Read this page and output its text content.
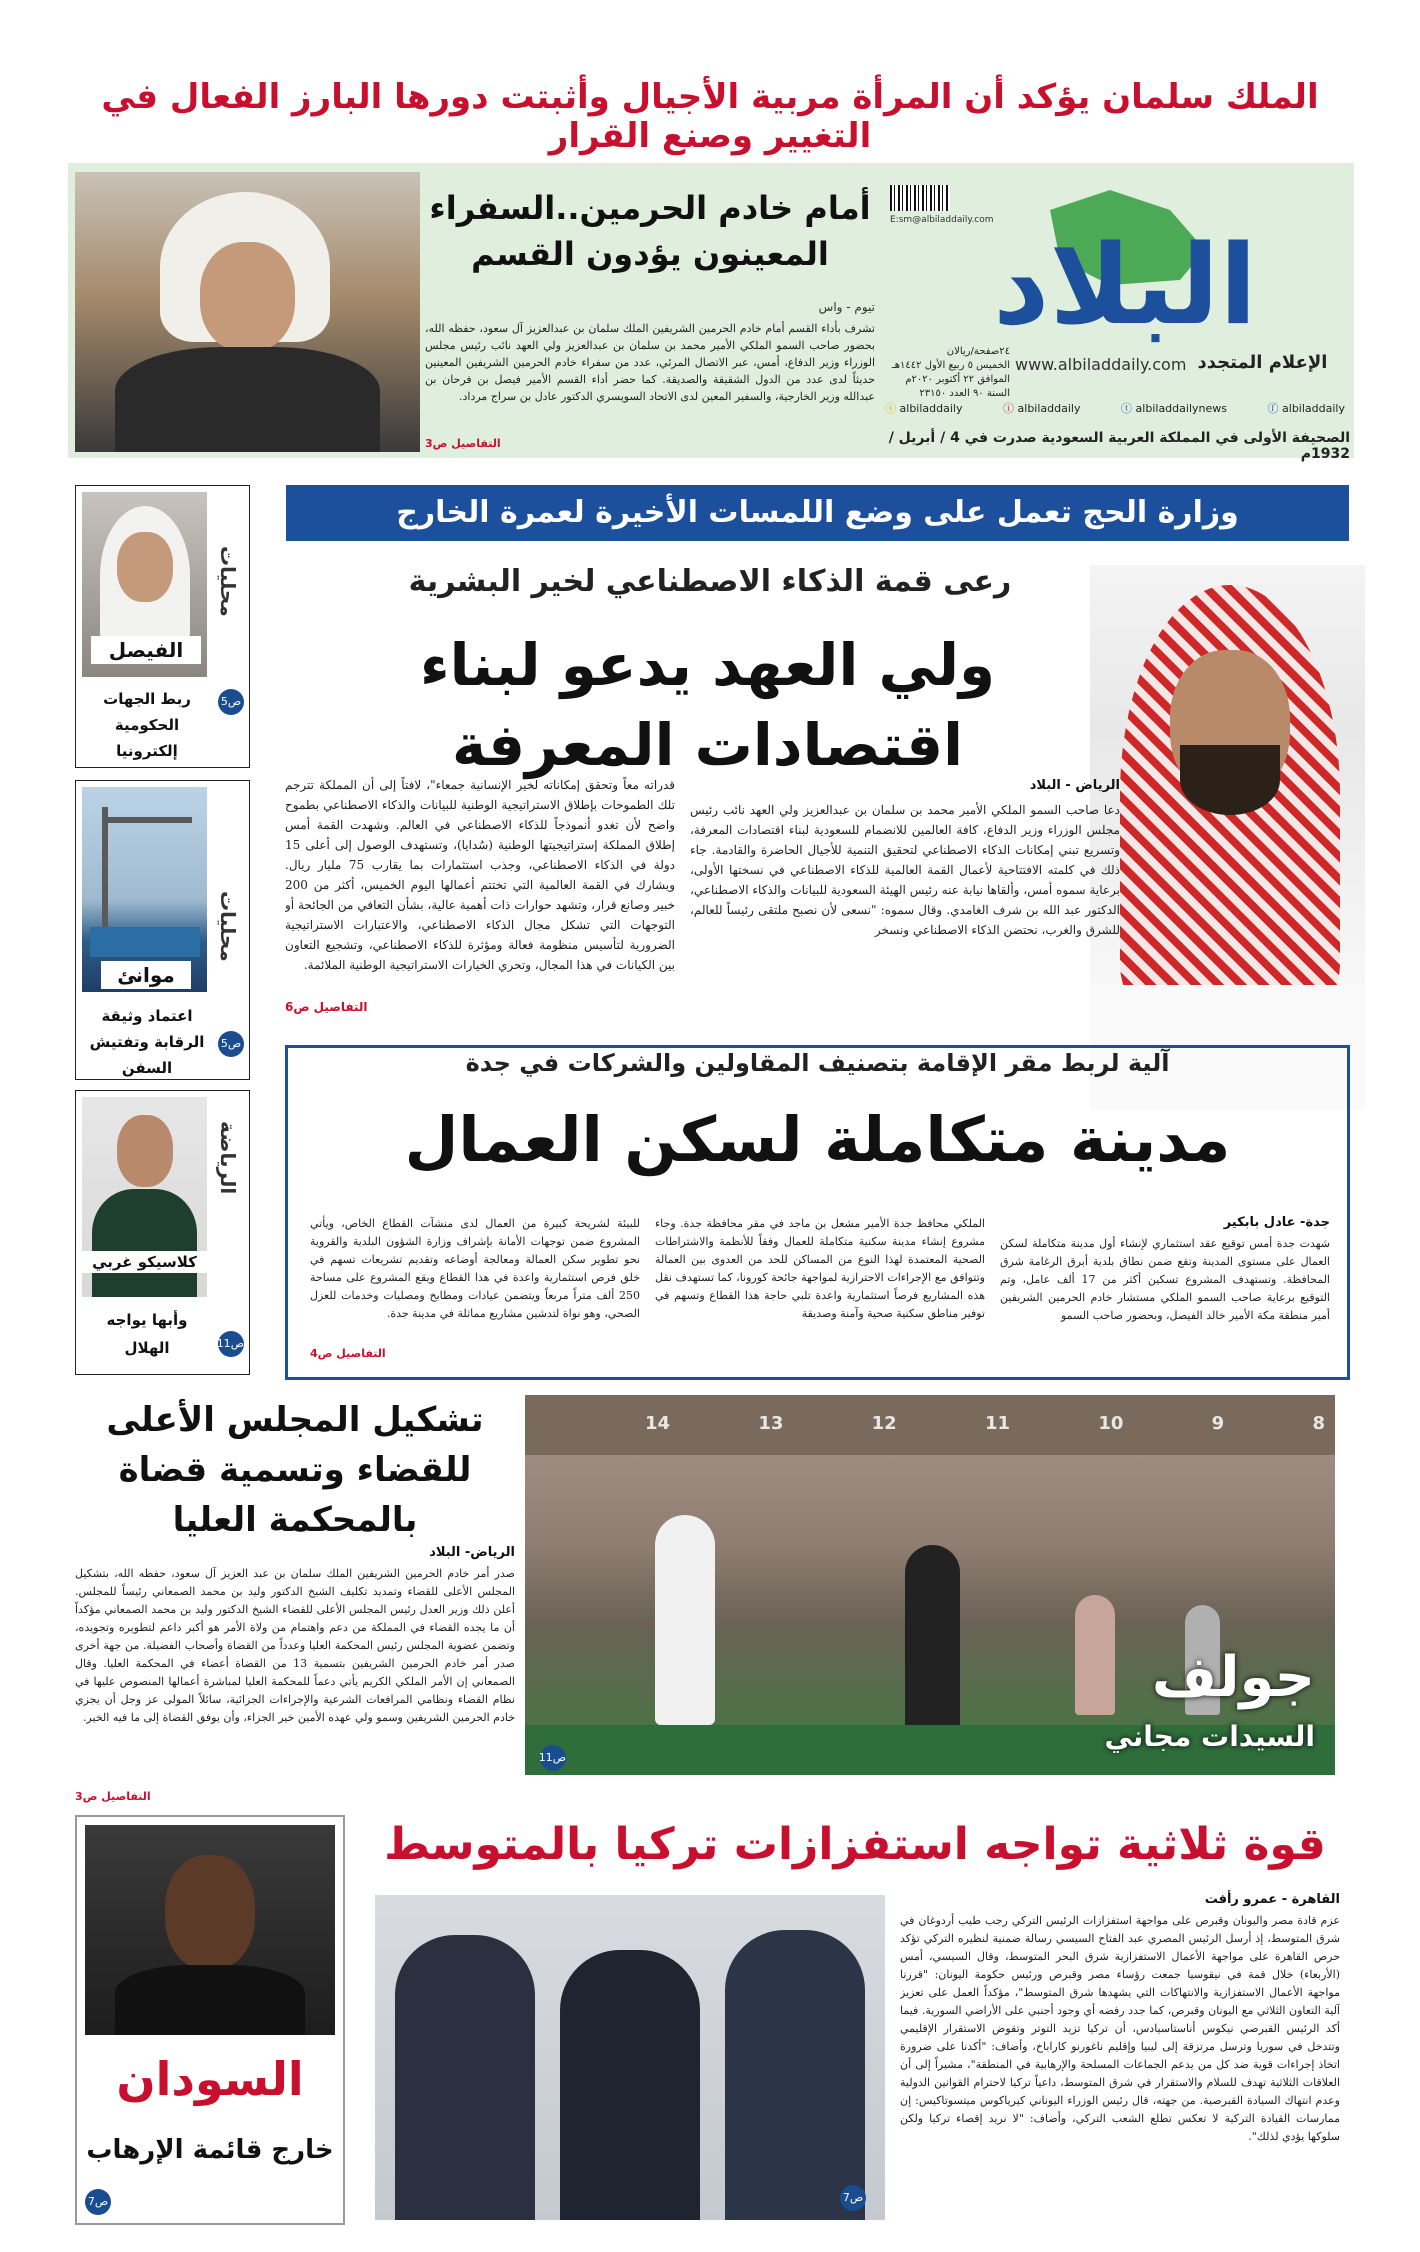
الملك سلمان يؤكد أن المرأة مربية الأجيال وأثبتت دورها البارز الفعال في التغيير وصنع القرار
البلاد
E:sm@albiladdaily.com
الإعلام المتجدد
www.albiladdaily.com
٢٤صفحة/ريالان
الخميس ٥ ربيع الأول ١٤٤٢هـ
الموافق ٢٢ أكتوبر ٢٠٢٠م
السنة ٩٠ العدد ٢٣١٥٠
ⓕ albiladdaily
ⓣ albiladdailynews
ⓘ albiladdaily
ⓢ albiladdaily
الصحيفة الأولى في المملكة العربية السعودية صدرت في 4 / أبريل / 1932م
أمام خادم الحرمين..السفراء المعينون يؤدون القسم
تيوم - واس
تشرف بأداء القسم أمام خادم الحرمين الشريفين الملك سلمان بن عبدالعزيز آل سعود، حفظه الله، بحضور صاحب السمو الملكي الأمير محمد بن سلمان بن عبدالعزيز ولي العهد نائب رئيس مجلس الوزراء وزير الدفاع، أمس، عبر الاتصال المرئي، عدد من سفراء خادم الحرمين الشريفين المعينين حديثاً لدى عدد من الدول الشقيقة والصديقة. كما حضر أداء القسم الأمير فيصل بن فرحان بن عبدالله وزير الخارجية، والسفير المعين لدى الاتحاد السويسري الدكتور عادل بن سراج مرداد.
التفاصيل ص3
وزارة الحج تعمل على وضع اللمسات الأخيرة لعمرة الخارج
رعى قمة الذكاء الاصطناعي لخير البشرية
ولي العهد يدعو لبناء اقتصادات المعرفة
الرياض - البلاد
دعا صاحب السمو الملكي الأمير محمد بن سلمان بن عبدالعزيز ولي العهد نائب رئيس مجلس الوزراء وزير الدفاع، كافة العالمين للانضمام للسعودية لبناء اقتصادات المعرفة، وتسريع تبني إمكانات الذكاء الاصطناعي لتحقيق التنمية للأجيال الحاضرة والقادمة. جاء ذلك في كلمته الافتتاحية لأعمال القمة العالمية للذكاء الاصطناعي في نسختها الأولى، برعاية سموه أمس، وألقاها نيابة عنه رئيس الهيئة السعودية للبيانات والذكاء الاصطناعي، الدكتور عبد الله بن شرف الغامدي. وقال سموه: "نسعى لأن نصبح ملتقى رئيساً للعالم، للشرق والغرب، نحتضن الذكاء الاصطناعي ونسخر
قدراته معاً وتحقق إمكاناته لخير الإنسانية جمعاء"، لافتاً إلى أن المملكة تترجم تلك الطموحات بإطلاق الاستراتيجية الوطنية للبيانات والذكاء الاصطناعي بطموح واضح لأن تغدو أنموذجاً للذكاء الاصطناعي في العالم. وشهدت القمة أمس إطلاق المملكة إستراتيجيتها الوطنية (سُدايا)، وتستهدف الوصول إلى أعلى 15 دولة في الذكاء الاصطناعي، وجذب استثمارات بما يقارب 75 مليار ريال. ويشارك في القمة العالمية التي تختتم أعمالها اليوم الخميس، أكثر من 200 خبير وصانع قرار، وتشهد حوارات ذات أهمية عالية، بشأن التعافي من الجائحة أو التوجهات التي تشكل مجال الذكاء الاصطناعي، والاعتبارات الاستراتيجية الضرورية لتأسيس منظومة فعالة ومؤثرة للذكاء الاصطناعي، وتشجيع التعاون بين الكيانات في هذا المجال، وتحري الخيارات الاستراتيجية الوطنية الملائمة.
التفاصيل ص6
الفيصل
محليات
ص5
ربط الجهات الحكومية إلكترونيا
موانئ
محليات
ص5
اعتماد وثيقة الرقابة وتفتيش السفن
كلاسيكو غربي
الرياضة
ص11
وأبها يواجه الهلال
آلية لربط مقر الإقامة بتصنيف المقاولين والشركات في جدة
مدينة متكاملة لسكن العمال
جدة- عادل بابكير
شهدت جدة أمس توقيع عقد استثماري لإنشاء أول مدينة متكاملة لسكن العمال على مستوى المدينة وتقع ضمن نطاق بلدية أبرق الرغامة شرق المحافظة. وتستهدف المشروع تسكين أكثر من 17 ألف عامل، وتم التوقيع برعاية صاحب السمو الملكي مستشار خادم الحرمين الشريفين أمير منطقة مكة الأمير خالد الفيصل، وبحضور صاحب السمو
الملكي محافظ جدة الأمير مشعل بن ماجد في مقر محافظة جدة. وجاء مشروع إنشاء مدينة سكنية متكاملة للعمال وفقاً للأنظمة والاشتراطات الصحية المعتمدة لهذا النوع من المساكن للحد من العدوى بين العمالة وتتوافق مع الإجراءات الاحترازية لمواجهة جائحة كورونا، كما تستهدف نقل هذه المشاريع فرصاً استثمارية واعدة تلبي حاجة هذا القطاع وتسهم في توفير مناطق سكنية صحية وآمنة وصديقة
للبيئة لشريحة كبيرة من العمال لدى منشآت القطاع الخاص، ويأتي المشروع ضمن توجهات الأمانة بإشراف وزارة الشؤون البلدية والقروية نحو تطوير سكن العمالة ومعالجة أوضاعه وتقديم تشريعات تسهم في خلق فرص استثمارية واعدة في هذا القطاع ويقع المشروع على مساحة 250 ألف متراً مربعاً ويتضمن عيادات ومطابخ ومصليات وخدمات للعزل الصحي، وهو نواة لتدشين مشاريع مماثلة في مدينة جدة.
التفاصيل ص4
تشكيل المجلس الأعلى للقضاء وتسمية قضاة بالمحكمة العليا
الرياض- البلاد
صدر أمر خادم الحرمين الشريفين الملك سلمان بن عبد العزيز آل سعود، حفظه الله، بتشكيل المجلس الأعلى للقضاء وتمديد تكليف الشيخ الدكتور وليد بن محمد الصمعاني رئيساً للمجلس. أعلن ذلك وزير العدل رئيس المجلس الأعلى للقضاء الشيخ الدكتور وليد بن محمد الصمعاني مؤكداً أن ما يجده القضاء في المملكة من دعم واهتمام من ولاة الأمر هو أكبر داعم لتطويره وتجويده، وتضمن عضوية المجلس رئيس المحكمة العليا وعدداً من القضاة وأصحاب الفضيلة. من جهة أخرى صدر أمر خادم الحرمين الشريفين بتسمية 13 من القضاة أعضاء في المحكمة العليا. وقال الصمعاني إن الأمر الملكي الكريم يأتي دعماً للمحكمة العليا لمباشرة أعمالها المنصوص عليها في نظام القضاء ونظامي المرافعات الشرعية والإجراءات الجزائية، سائلاً المولى عز وجل أن يجزي خادم الحرمين الشريفين وسمو ولي عهده الأمين خير الجزاء، وأن يوفق القضاة إلى ما فيه الخير.
التفاصيل ص3
14	13	12	11	10	9	8
جولف
السيدات مجاني
ص11
قوة ثلاثية تواجه استفزازات تركيا بالمتوسط
القاهرة - عمرو رأفت
عزم قادة مصر واليونان وقبرص على مواجهة استفزازات الرئيس التركي رجب طيب أردوغان في شرق المتوسط، إذ أرسل الرئيس المصري عبد الفتاح السيسي رسالة ضمنية لنظيره التركي تؤكد حرص القاهرة على مواجهة الأعمال الاستفزازية شرق البحر المتوسط، وقال السيسي، أمس (الأربعاء) خلال قمة في نيقوسيا جمعت رؤساء مصر وقبرص ورئيس حكومة اليونان: "قررنا مواجهة الأعمال الاستفزازية والانتهاكات التي يشهدها شرق المتوسط"، مؤكداً العمل على تعزيز آلية التعاون الثلاثي مع اليونان وقبرص، كما جدد رفضه أي وجود أجنبي على الأراضي السورية. فيما أكد الرئيس القبرصي نيكوس أناستاسيادس، أن تركيا تزيد التوتر وتقوض الاستقرار الإقليمي وتتدخل في سوريا وترسل مرتزقة إلى ليبيا وإقليم ناغورنو كاراباخ، وأضاف: "أكدنا على ضرورة اتخاذ إجراءات قوية ضد كل من يدعم الجماعات المسلحة والإرهابية في المنطقة"، مشيراً إلى أن العلاقات الثلاثية تهدف للسلام والاستقرار في شرق المتوسط، داعياً تركيا لاحترام القوانين الدولية وعدم انتهاك السيادة القبرصية. من جهته، قال رئيس الوزراء اليوناني كيرياكوس ميتسوتاكيس: إن ممارسات القيادة التركية لا تعكس تطلع الشعب التركي، وأضاف: "لا نريد إقصاء تركيا ولكن سلوكها يؤدي لذلك".
ص7
السودان
خارج قائمة الإرهاب
ص7
